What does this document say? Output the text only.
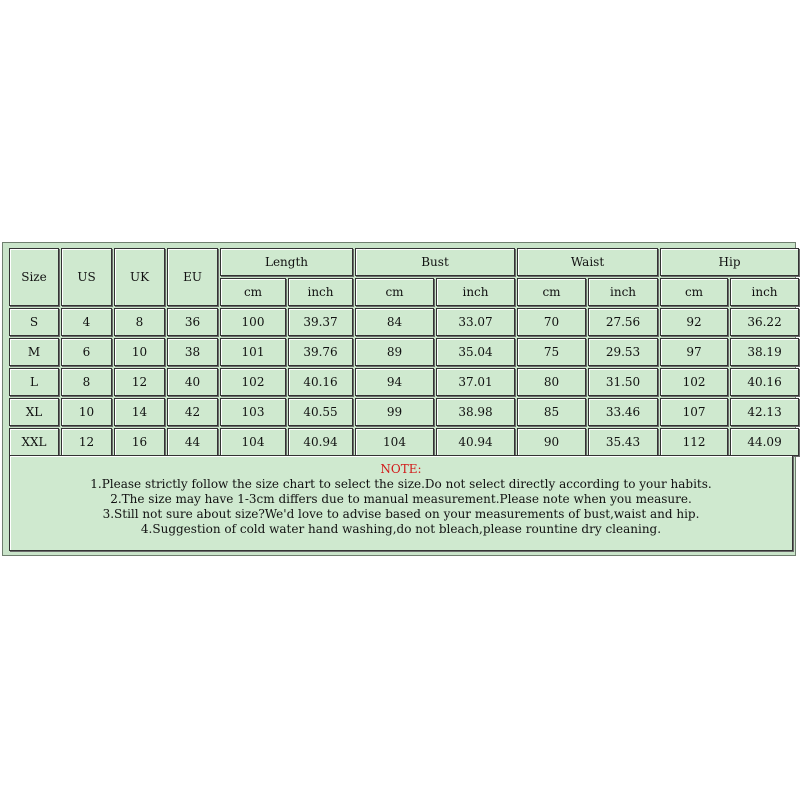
Size	US	UK	EU	Length		Bust		Waist		Hip	
				cm	inch	cm	inch	cm	inch	cm	inch
S	4	8	36	100	39.37	84	33.07	70	27.56	92	36.22
M	6	10	38	101	39.76	89	35.04	75	29.53	97	38.19
L	8	12	40	102	40.16	94	37.01	80	31.50	102	40.16
XL	10	14	42	103	40.55	99	38.98	85	33.46	107	42.13
XXL	12	16	44	104	40.94	104	40.94	90	35.43	112	44.09
NOTE:
1.Please strictly follow the size chart to select the size.Do not select directly according to your habits.
2.The size may have 1-3cm differs due to manual measurement.Please note when you measure.
3.Still not sure about size?We'd love to advise based on your measurements of bust,waist and hip.
4.Suggestion of cold water hand washing,do not bleach,please rountine dry cleaning.
